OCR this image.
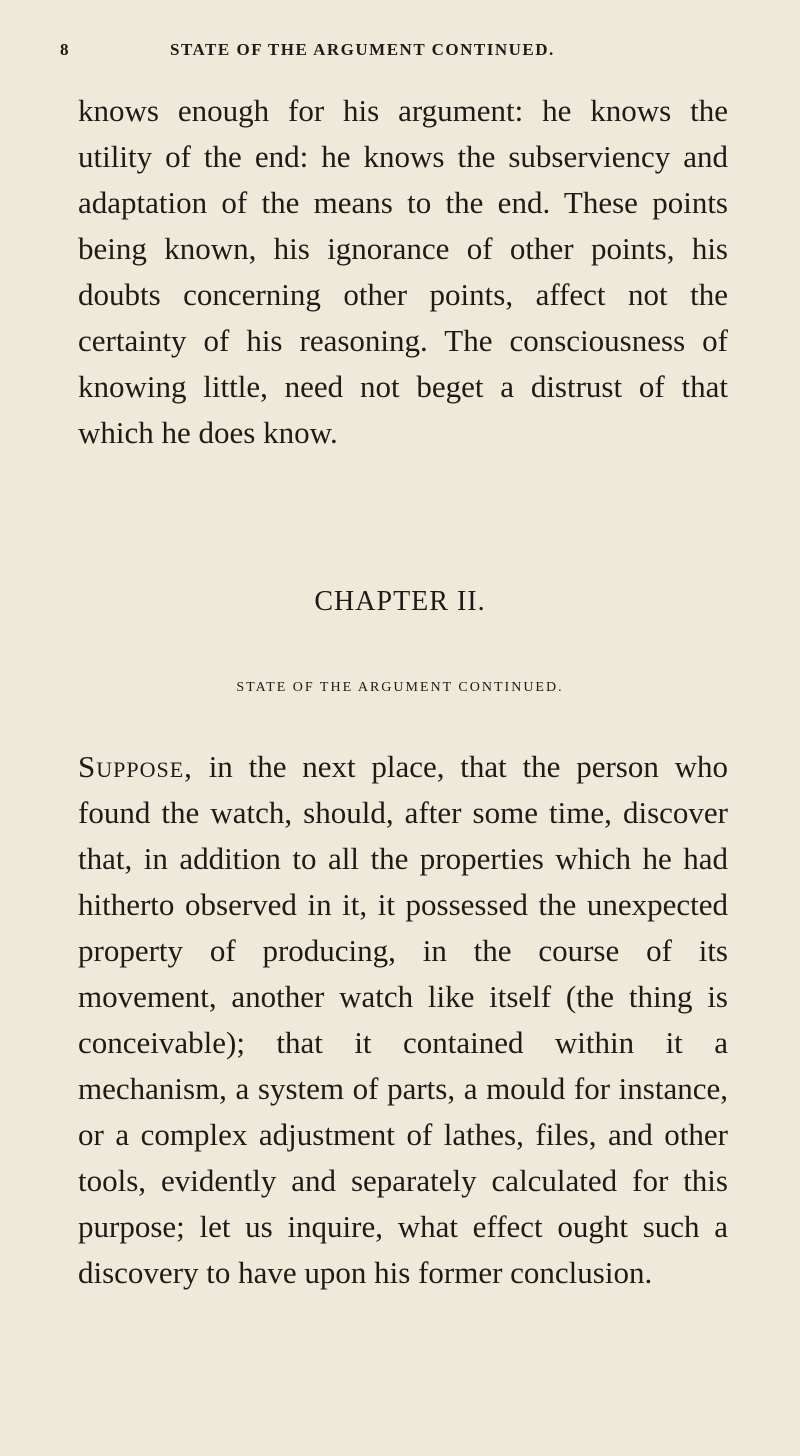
8	STATE OF THE ARGUMENT CONTINUED.

knows enough for his argument: he knows the utility of the end: he knows the subserviency and adaptation of the means to the end. These points being known, his ignorance of other points, his doubts concerning other points, affect not the certainty of his reasoning. The consciousness of knowing little, need not beget a distrust of that which he does know.

CHAPTER II.
STATE OF THE ARGUMENT CONTINUED.

Suppose, in the next place, that the person who found the watch, should, after some time, discover that, in addition to all the properties which he had hitherto observed in it, it possessed the unexpected property of producing, in the course of its movement, another watch like itself (the thing is conceivable); that it contained within it a mechanism, a system of parts, a mould for instance, or a complex adjustment of lathes, files, and other tools, evidently and separately calculated for this purpose; let us inquire, what effect ought such a discovery to have upon his former conclusion.
